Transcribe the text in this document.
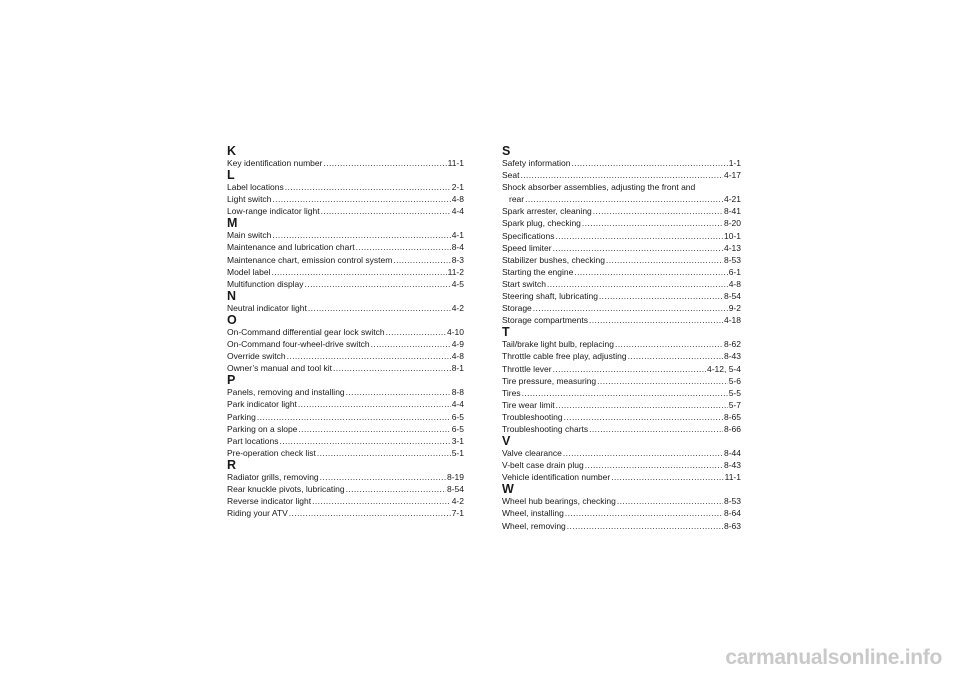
K
Key identification number .....	11-1
L
Label locations .....	2-1
Light switch .....	4-8
Low-range indicator light .....	4-4
M
Main switch .....	4-1
Maintenance and lubrication chart .....	8-4
Maintenance chart, emission control system .....	8-3
Model label .....	11-2
Multifunction display .....	4-5
N
Neutral indicator light .....	4-2
O
On-Command differential gear lock switch .....	4-10
On-Command four-wheel-drive switch .....	4-9
Override switch .....	4-8
Owner’s manual and tool kit .....	8-1
P
Panels, removing and installing .....	8-8
Park indicator light .....	4-4
Parking .....	6-5
Parking on a slope .....	6-5
Part locations .....	3-1
Pre-operation check list .....	5-1
R
Radiator grills, removing .....	8-19
Rear knuckle pivots, lubricating .....	8-54
Reverse indicator light .....	4-2
Riding your ATV .....	7-1
S
Safety information .....	1-1
Seat .....	4-17
Shock absorber assemblies, adjusting the front and
rear .....	4-21
Spark arrester, cleaning .....	8-41
Spark plug, checking .....	8-20
Specifications .....	10-1
Speed limiter .....	4-13
Stabilizer bushes, checking .....	8-53
Starting the engine .....	6-1
Start switch .....	4-8
Steering shaft, lubricating .....	8-54
Storage .....	9-2
Storage compartments .....	4-18
T
Tail/brake light bulb, replacing .....	8-62
Throttle cable free play, adjusting .....	8-43
Throttle lever .....	4-12, 5-4
Tire pressure, measuring .....	5-6
Tires .....	5-5
Tire wear limit .....	5-7
Troubleshooting .....	8-65
Troubleshooting charts .....	8-66
V
Valve clearance .....	8-44
V-belt case drain plug .....	8-43
Vehicle identification number .....	11-1
W
Wheel hub bearings, checking .....	8-53
Wheel, installing .....	8-64
Wheel, removing .....	8-63
carmanualsonline.info
